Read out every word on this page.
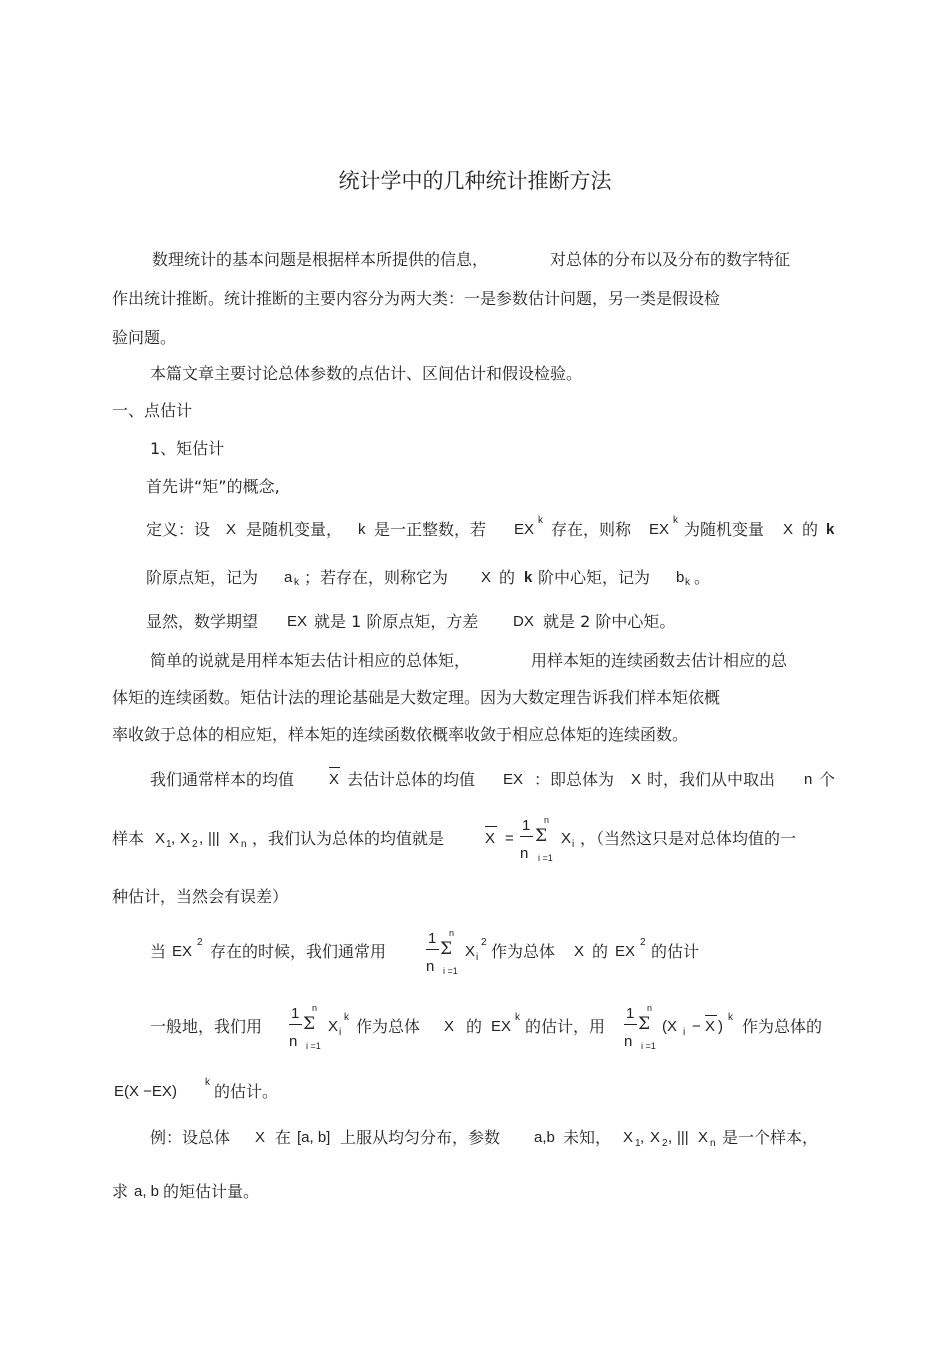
统计学中的几种统计推断方法
数理统计的基本问题是根据样本所提供的信息，	对总体的分布以及分布的数字特征
作出统计推断。统计推断的主要内容分为两大类：一是参数估计问题，另一类是假设检
验问题。
本篇文章主要讨论总体参数的点估计、区间估计和假设检验。
一、点估计
1、矩估计
首先讲“矩”的概念,
定义：设 X 是随机变量， k 是一正整数，若 EX
k 存在，则称 EX
k 为随机变量 X 的 k
阶原点矩，记为 a k ；若存在，则称它为 X 的 k 阶中心矩，记为 b k 。
显然，数学期望 EX 就是 1 阶原点矩，方差 DX 就是 2 阶中心矩。
简单的说就是用样本矩去估计相应的总体矩，	用样本矩的连续函数去估计相应的总
体矩的连续函数。矩估计法的理论基础是大数定理。因为大数定理告诉我们样本矩依概
率收敛于总体的相应矩，样本矩的连续函数依概率收敛于相应总体矩的连续函数。
我们通常样本的均值 X 去估计总体的均值 EX ：即总体为 X 时，我们从中取出 n 个
样本 X 1 , X 2 , ||| X n ，我们认为总体的均值就是	X =
1
n
n
Σ
i =1
X i ，（当然这只是对总体均值的一
种估计，当然会有误差）
当 EX
2 存在的时候，我们通常用
1
n
n
Σ
i =1
X i
2 作为总体 X 的 EX
2 的估计
一般地，我们用
1
n
n
Σ
i =1
X i
k 作为总体 X 的 EX
k 的估计，用
1
n
n
Σ
i =1
(X i − X )
k 作为总体的
E(X −EX)
k 的估计。
例：设总体 X 在 [a, b] 上服从均匀分布，参数 a,b 未知， X 1 , X 2 , ||| X n 是一个样本，
求 a, b 的矩估计量。
